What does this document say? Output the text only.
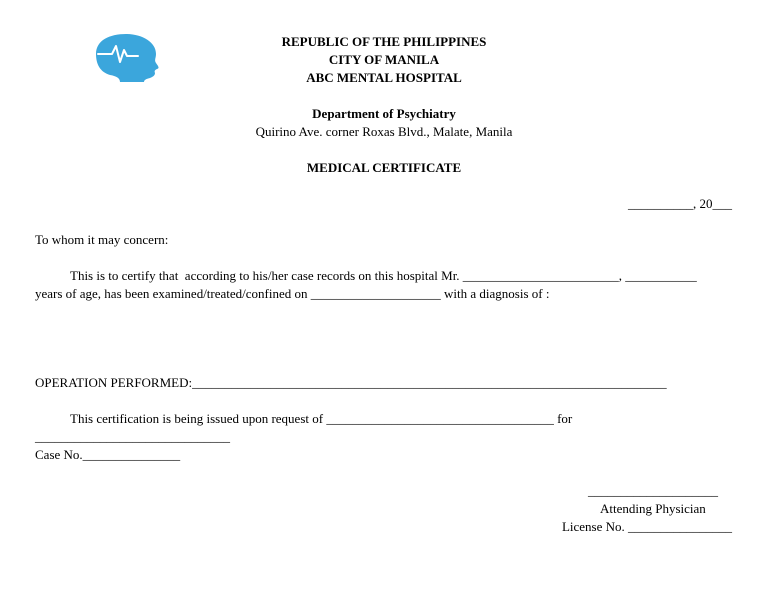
REPUBLIC OF THE PHILIPPINES
CITY OF MANILA
ABC MENTAL HOSPITAL
Department of Psychiatry
Quirino Ave. corner Roxas Blvd., Malate, Manila
MEDICAL CERTIFICATE
__________, 20___
To whom it may concern:
This is to certify that  according to his/her case records on this hospital Mr. ________________________, ___________
years of age, has been examined/treated/confined on ____________________ with a diagnosis of :
OPERATION PERFORMED:_________________________________________________________________________
This certification is being issued upon request of ___________________________________ for
______________________________
Case No._______________
____________________
Attending Physician
License No. ________________
